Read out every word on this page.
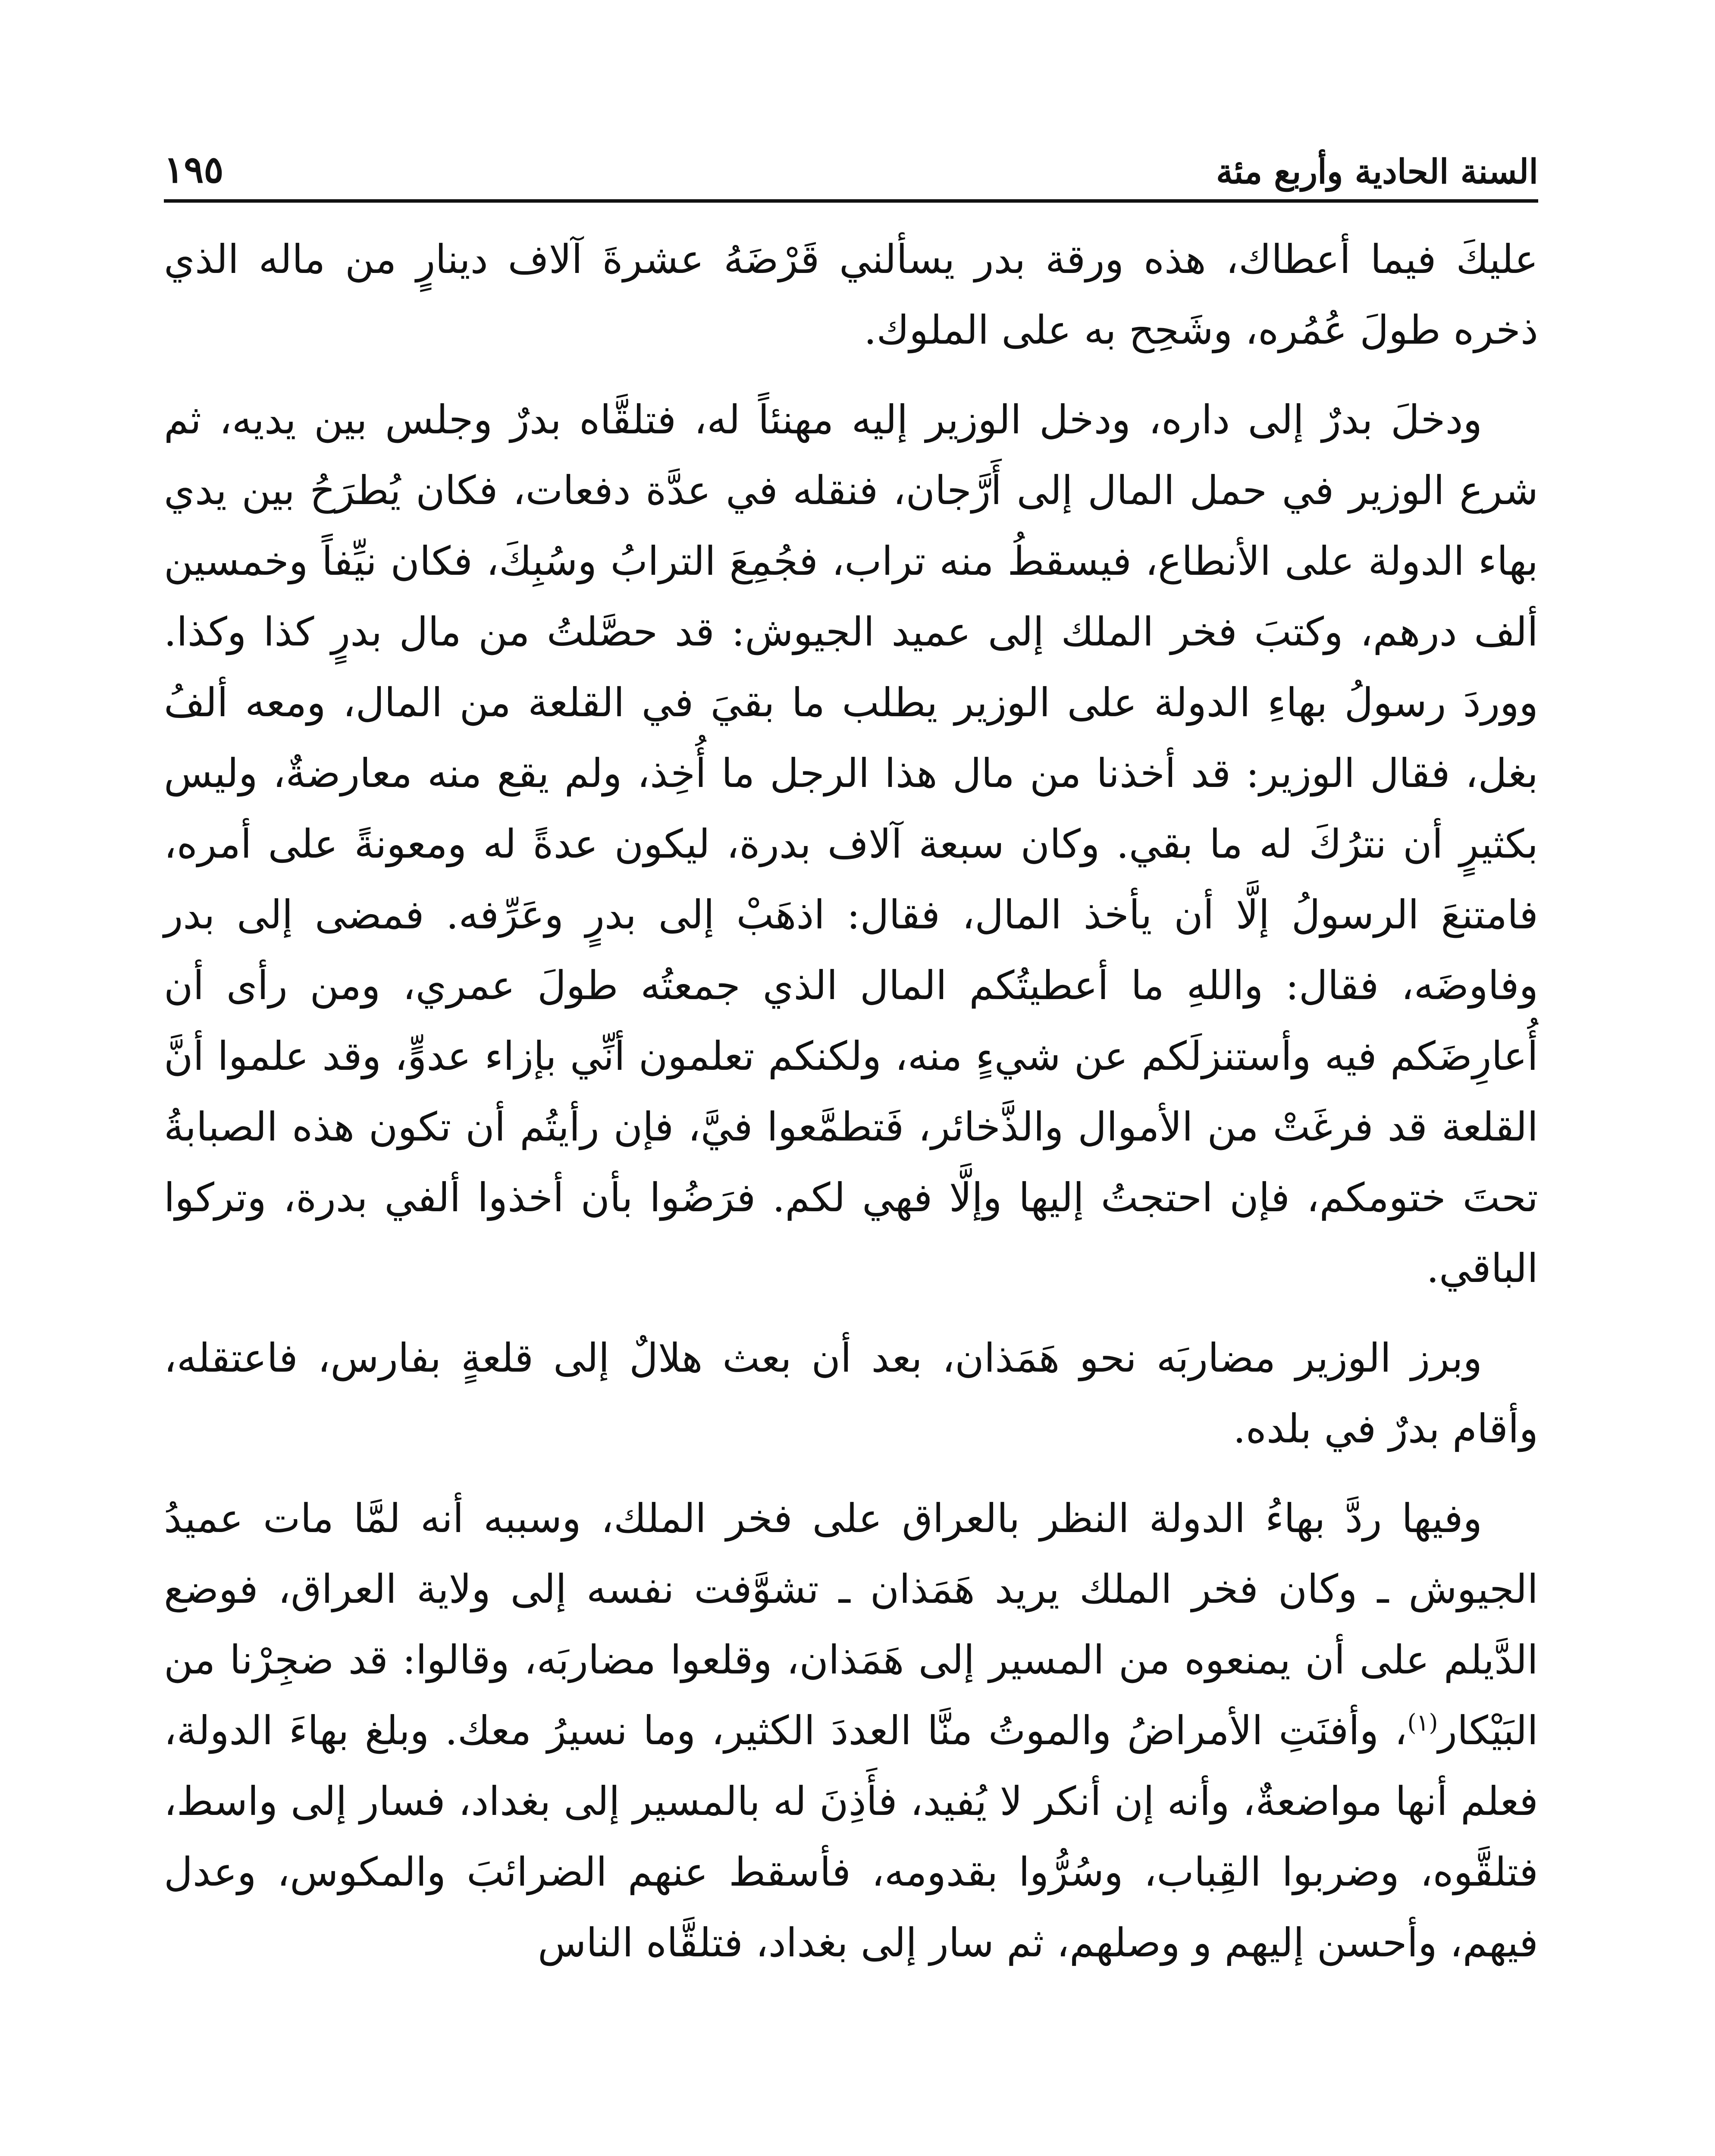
السنة الحادية وأربع مئة
١٩٥

عليكَ فيما أعطاك، هذه ورقة بدر يسألني قَرْضَهُ عشرةَ آلاف دينارٍ من ماله الذي ذخره طولَ عُمُره، وشَحِح به على الملوك.

ودخلَ بدرٌ إلى داره، ودخل الوزير إليه مهنئاً له، فتلقَّاه بدرٌ وجلس بين يديه، ثم شرع الوزير في حمل المال إلى أَرَّجان، فنقله في عدَّة دفعات، فكان يُطرَحُ بين يدي بهاء الدولة على الأنطاع، فيسقطُ منه تراب، فجُمِعَ الترابُ وسُبِكَ، فكان نيِّفاً وخمسين ألف درهم، وكتبَ فخر الملك إلى عميد الجيوش: قد حصَّلتُ من مال بدرٍ كذا وكذا. ووردَ رسولُ بهاءِ الدولة على الوزير يطلب ما بقيَ في القلعة من المال، ومعه ألفُ بغل، فقال الوزير: قد أخذنا من مال هذا الرجل ما أُخِذ، ولم يقع منه معارضةٌ، وليس بكثيرٍ أن نترُكَ له ما بقي. وكان سبعة آلاف بدرة، ليكون عدةً له ومعونةً على أمره، فامتنعَ الرسولُ إلَّا أن يأخذ المال، فقال: اذهَبْ إلى بدرٍ وعَرِّفه. فمضى إلى بدر وفاوضَه، فقال: واللهِ ما أعطيتُكم المال الذي جمعتُه طولَ عمري، ومن رأى أن أُعارِضَكم فيه وأستنزلَكم عن شيءٍ منه، ولكنكم تعلمون أنِّي بإزاء عدوٍّ، وقد علموا أنَّ القلعة قد فرغَتْ من الأموال والذَّخائر، فَتطمَّعوا فيَّ، فإن رأيتُم أن تكون هذه الصبابةُ تحتَ ختومكم، فإن احتجتُ إليها وإلَّا فهي لكم. فرَضُوا بأن أخذوا ألفي بدرة، وتركوا الباقي.

وبرز الوزير مضاربَه نحو هَمَذان، بعد أن بعث هلالٌ إلى قلعةٍ بفارس، فاعتقله، وأقام بدرٌ في بلده.

وفيها ردَّ بهاءُ الدولة النظر بالعراق على فخر الملك، وسببه أنه لمَّا مات عميدُ الجيوش ـ وكان فخر الملك يريد هَمَذان ـ تشوَّفت نفسه إلى ولاية العراق، فوضع الدَّيلم على أن يمنعوه من المسير إلى هَمَذان، وقلعوا مضاربَه، وقالوا: قد ضجِرْنا من البَيْكار$^{(١)}$، وأفنَتِ الأمراضُ والموتُ منَّا العددَ الكثير، وما نسيرُ معك. وبلغ بهاءَ الدولة، فعلم أنها مواضعةٌ، وأنه إن أنكر لا يُفيد، فأَذِنَ له بالمسير إلى بغداد، فسار إلى واسط، فتلقَّوه، وضربوا القِباب، وسُرُّوا بقدومه، فأسقط عنهم الضرائبَ والمكوس، وعدل فيهم، وأحسن إليهم و وصلهم، ثم سار إلى بغداد، فتلقَّاه الناس
